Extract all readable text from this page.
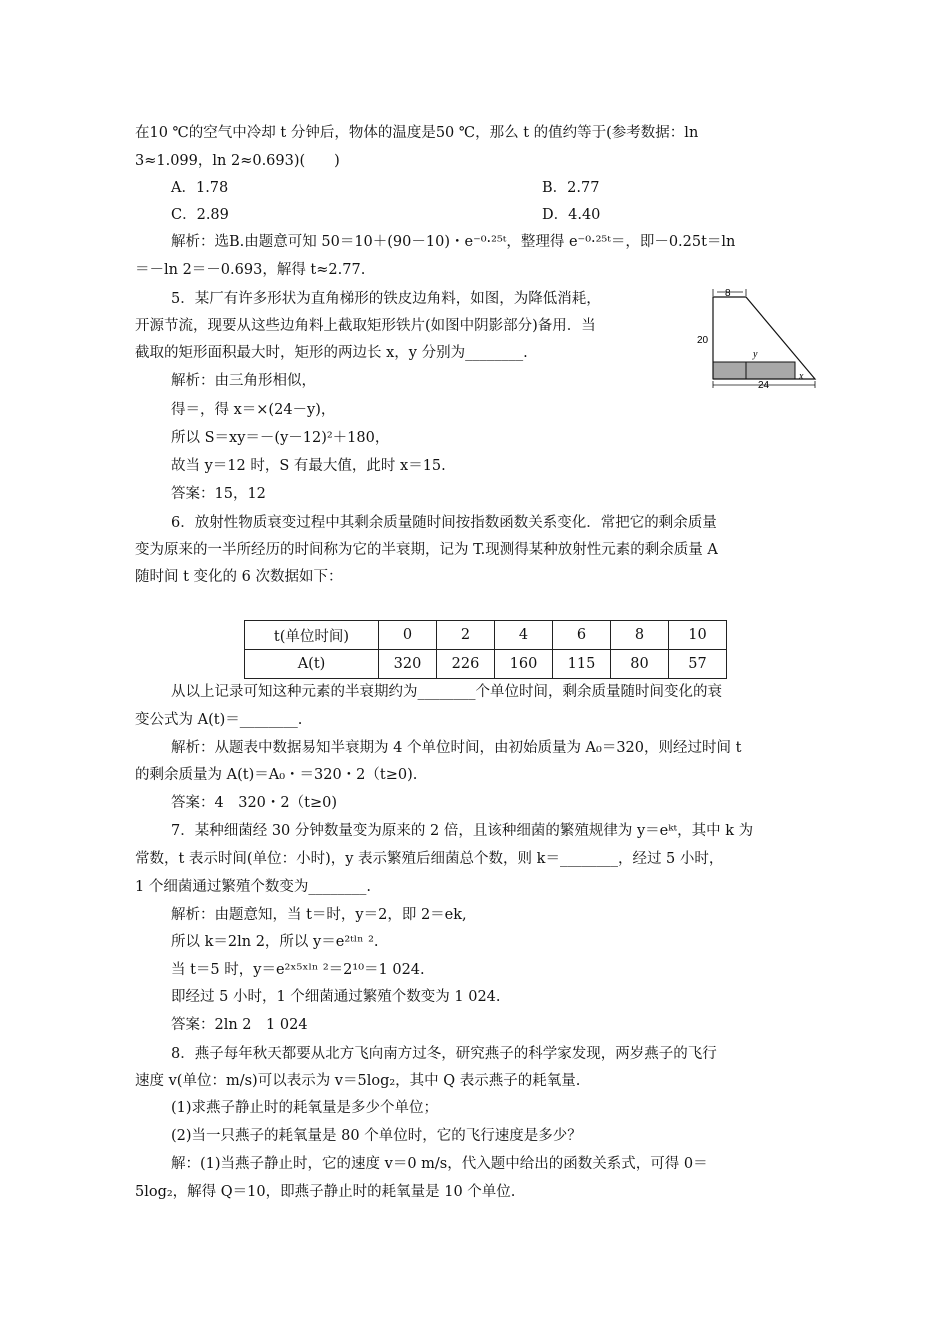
在10 ℃的空气中冷却 t 分钟后，物体的温度是50 ℃，那么 t 的值约等于(参考数据：ln
3≈1.099，ln 2≈0.693)(　　)
A．1.78	B．2.77
C．2.89	D．4.40
解析：选B.由题意可知 50＝10＋(90－10)・e⁻⁰·²⁵ᵗ，整理得 e⁻⁰·²⁵ᵗ＝，即－0.25t＝ln
＝－ln 2＝－0.693，解得 t≈2.77.
5．某厂有许多形状为直角梯形的铁皮边角料，如图，为降低消耗，
开源节流，现要从这些边角料上截取矩形铁片(如图中阴影部分)备用．当
截取的矩形面积最大时，矩形的两边长 x，y 分别为________.
解析：由三角形相似，
得＝，得 x＝×(24－y)，
所以 S＝xy＝－(y－12)²＋180，
故当 y＝12 时，S 有最大值，此时 x＝15.
答案：15，12
8
20
24
y
x
6．放射性物质衰变过程中其剩余质量随时间按指数函数关系变化．常把它的剩余质量
变为原来的一半所经历的时间称为它的半衰期，记为 T.现测得某种放射性元素的剩余质量 A
随时间 t 变化的 6 次数据如下：
t(单位时间)	0	2	4	6	8	10
A(t)	320	226	160	115	80	57
从以上记录可知这种元素的半衰期约为________个单位时间，剩余质量随时间变化的衰
变公式为 A(t)＝________.
解析：从题表中数据易知半衰期为 4 个单位时间，由初始质量为 A₀＝320，则经过时间 t
的剩余质量为 A(t)＝A₀・＝320・2（t≥0).
答案：4　320・2（t≥0)
7．某种细菌经 30 分钟数量变为原来的 2 倍，且该种细菌的繁殖规律为 y＝eᵏᵗ，其中 k 为
常数，t 表示时间(单位：小时)，y 表示繁殖后细菌总个数，则 k＝________，经过 5 小时，
1 个细菌通过繁殖个数变为________.
解析：由题意知，当 t＝时，y＝2，即 2＝ek,
所以 k＝2ln 2，所以 y＝e²ᵗˡⁿ ².
当 t＝5 时，y＝e²ˣ⁵ˣˡⁿ ²＝2¹⁰＝1 024.
即经过 5 小时，1 个细菌通过繁殖个数变为 1 024.
答案：2ln 2　1 024
8．燕子每年秋天都要从北方飞向南方过冬，研究燕子的科学家发现，两岁燕子的飞行
速度 v(单位：m/s)可以表示为 v＝5log₂，其中 Q 表示燕子的耗氧量.
(1)求燕子静止时的耗氧量是多少个单位；
(2)当一只燕子的耗氧量是 80 个单位时，它的飞行速度是多少？
解：(1)当燕子静止时，它的速度 v＝0 m/s，代入题中给出的函数关系式，可得 0＝
5log₂，解得 Q＝10，即燕子静止时的耗氧量是 10 个单位.
